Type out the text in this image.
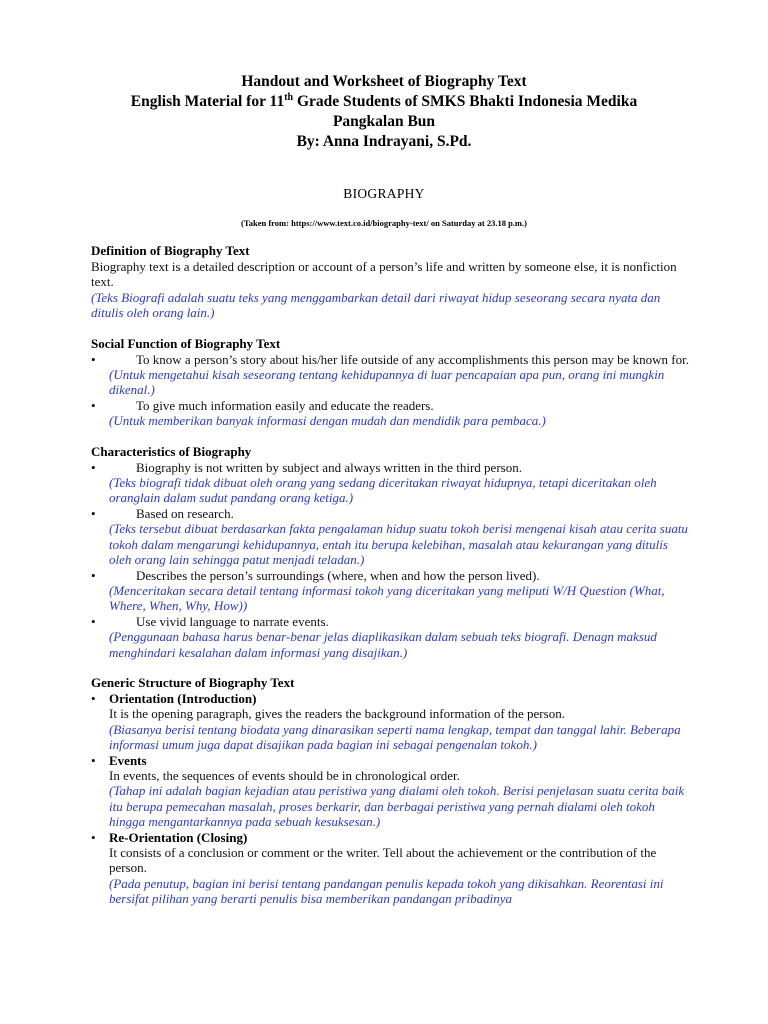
Handout and Worksheet of Biography Text
English Material for 11th Grade Students of SMKS Bhakti Indonesia Medika
Pangkalan Bun
By: Anna Indrayani, S.Pd.
BIOGRAPHY
(Taken from: https://www.text.co.id/biography-text/ on Saturday at 23.18 p.m.)
Definition of Biography Text
Biography text is a detailed description or account of a person’s life and written by someone else, it is nonfiction text.
(Teks Biografi adalah suatu teks yang menggambarkan detail dari riwayat hidup seseorang secara nyata dan ditulis oleh orang lain.)
Social Function of Biography Text
•	To know a person’s story about his/her life outside of any accomplishments this person may be known for.
(Untuk mengetahui kisah seseorang tentang kehidupannya di luar pencapaian apa pun, orang ini mungkin dikenal.)
•	To give much information easily and educate the readers.
(Untuk memberikan banyak informasi dengan mudah dan mendidik para pembaca.)
Characteristics of Biography
•	Biography is not written by subject and always written in the third person.
(Teks biografi tidak dibuat oleh orang yang sedang diceritakan riwayat hidupnya, tetapi diceritakan oleh oranglain dalam sudut pandang orang ketiga.)
•	Based on research.
(Teks tersebut dibuat berdasarkan fakta pengalaman hidup suatu tokoh berisi mengenai kisah atau cerita suatu tokoh dalam mengarungi kehidupannya, entah itu berupa kelebihan, masalah atau kekurangan yang ditulis oleh orang lain sehingga patut menjadi teladan.)
•	Describes the person’s surroundings (where, when and how the person lived).
(Menceritakan secara detail tentang informasi tokoh yang diceritakan yang meliputi W/H Question (What, Where, When, Why, How))
•	Use vivid language to narrate events.
(Penggunaan bahasa harus benar-benar jelas diaplikasikan dalam sebuah teks biografi. Denagn maksud menghindari kesalahan dalam informasi yang disajikan.)
Generic Structure of Biography Text
•	Orientation (Introduction)
It is the opening paragraph, gives the readers the background information of the person.
(Biasanya berisi tentang biodata yang dinarasikan seperti nama lengkap, tempat dan tanggal lahir. Beberapa informasi umum juga dapat disajikan pada bagian ini sebagai pengenalan tokoh.)
•	Events
In events, the sequences of events should be in chronological order.
(Tahap ini adalah bagian kejadian atau peristiwa yang dialami oleh tokoh. Berisi penjelasan suatu cerita baik itu berupa pemecahan masalah, proses berkarir, dan berbagai peristiwa yang pernah dialami oleh tokoh hingga mengantarkannya pada sebuah kesuksesan.)
•	Re-Orientation (Closing)
It consists of a conclusion or comment or the writer. Tell about the achievement or the contribution of the person.
(Pada penutup, bagian ini berisi tentang pandangan penulis kepada tokoh yang dikisahkan. Reorentasi ini bersifat pilihan yang berarti penulis bisa memberikan pandangan pribadinya
